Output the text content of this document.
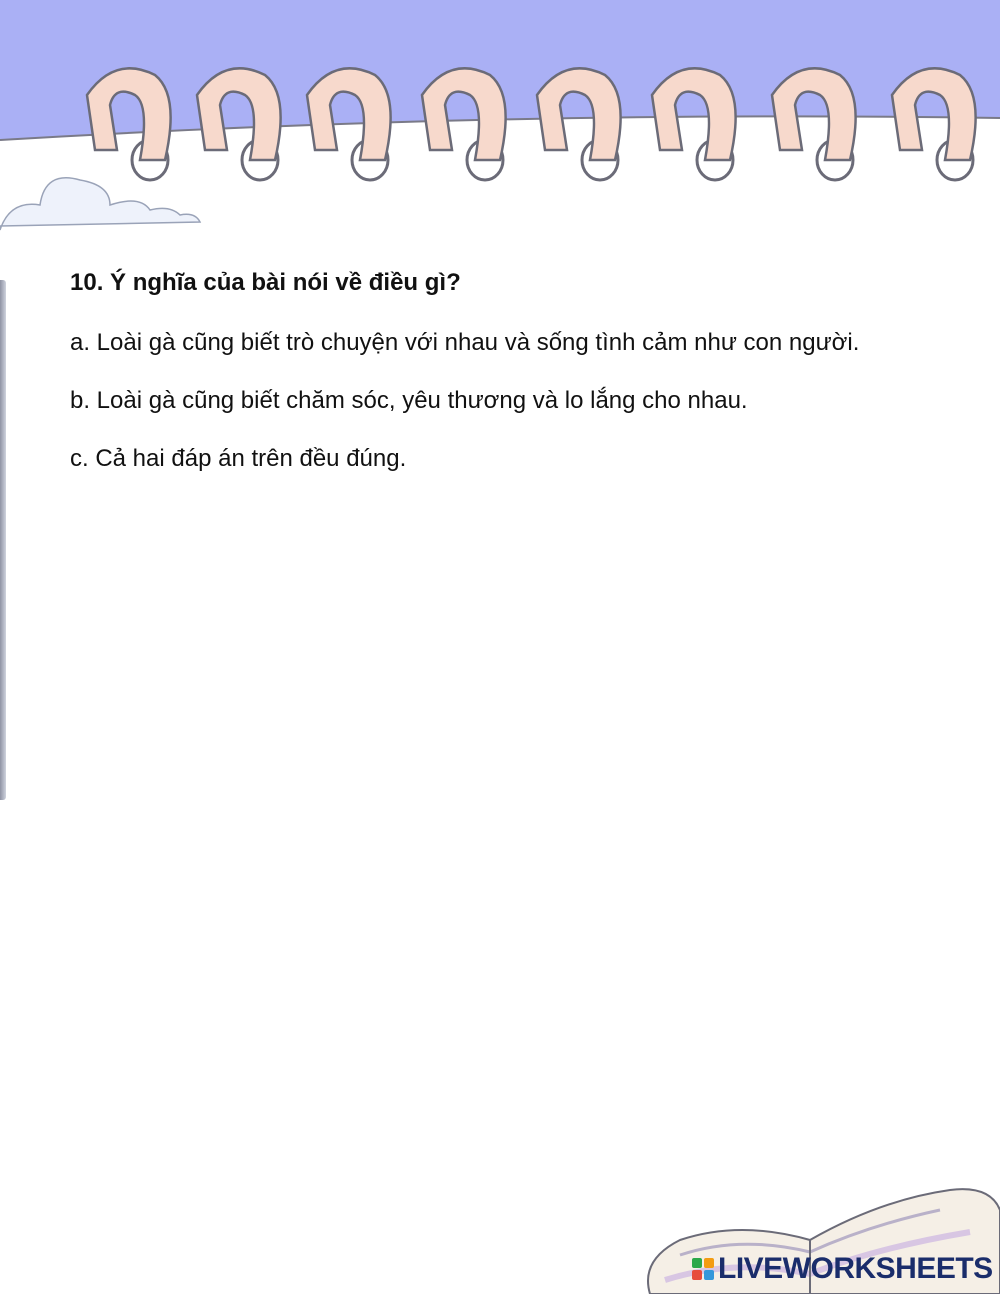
10. Ý nghĩa của bài nói về điều gì?

a. Loài gà cũng biết trò chuyện với nhau và sống tình cảm như con người.

b. Loài gà cũng biết chăm sóc, yêu thương và lo lắng cho nhau.

c. Cả hai đáp án trên đều đúng.

LIVEWORKSHEETS
